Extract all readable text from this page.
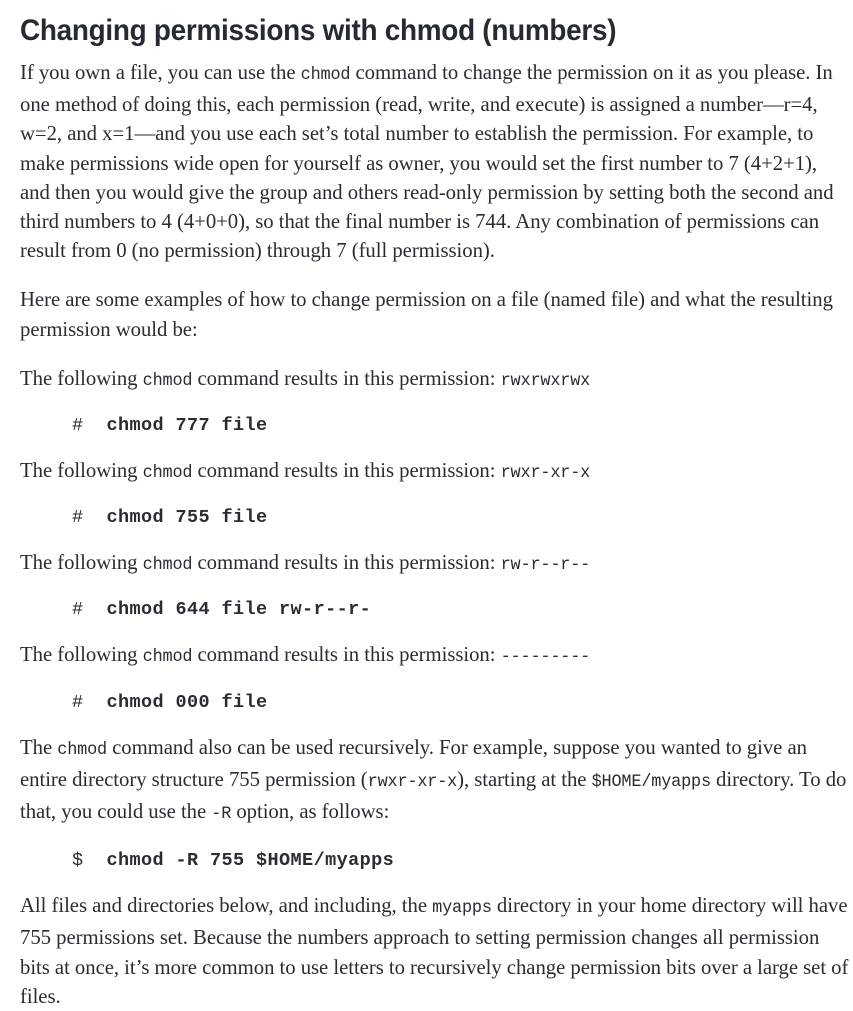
Changing permissions with chmod (numbers)

If you own a file, you can use the chmod command to change the permission on it as you please. In one method of doing this, each permission (read, write, and execute) is assigned a number—r=4, w=2, and x=1—and you use each set’s total number to establish the permission. For example, to make permissions wide open for yourself as owner, you would set the first number to 7 (4+2+1), and then you would give the group and others read-only permission by setting both the second and third numbers to 4 (4+0+0), so that the final number is 744. Any combination of permissions can result from 0 (no permission) through 7 (full permission).

Here are some examples of how to change permission on a file (named file) and what the resulting permission would be:

The following chmod command results in this permission: rwxrwxrwx

# chmod 777 file

The following chmod command results in this permission: rwxr-xr-x

# chmod 755 file

The following chmod command results in this permission: rw-r--r--

# chmod 644 file rw-r--r-

The following chmod command results in this permission: ---------

# chmod 000 file

The chmod command also can be used recursively. For example, suppose you wanted to give an entire directory structure 755 permission (rwxr-xr-x), starting at the $HOME/myapps directory. To do that, you could use the -R option, as follows:

$ chmod -R 755 $HOME/myapps

All files and directories below, and including, the myapps directory in your home directory will have 755 permissions set. Because the numbers approach to setting permission changes all permission bits at once, it’s more common to use letters to recursively change permission bits over a large set of files.
